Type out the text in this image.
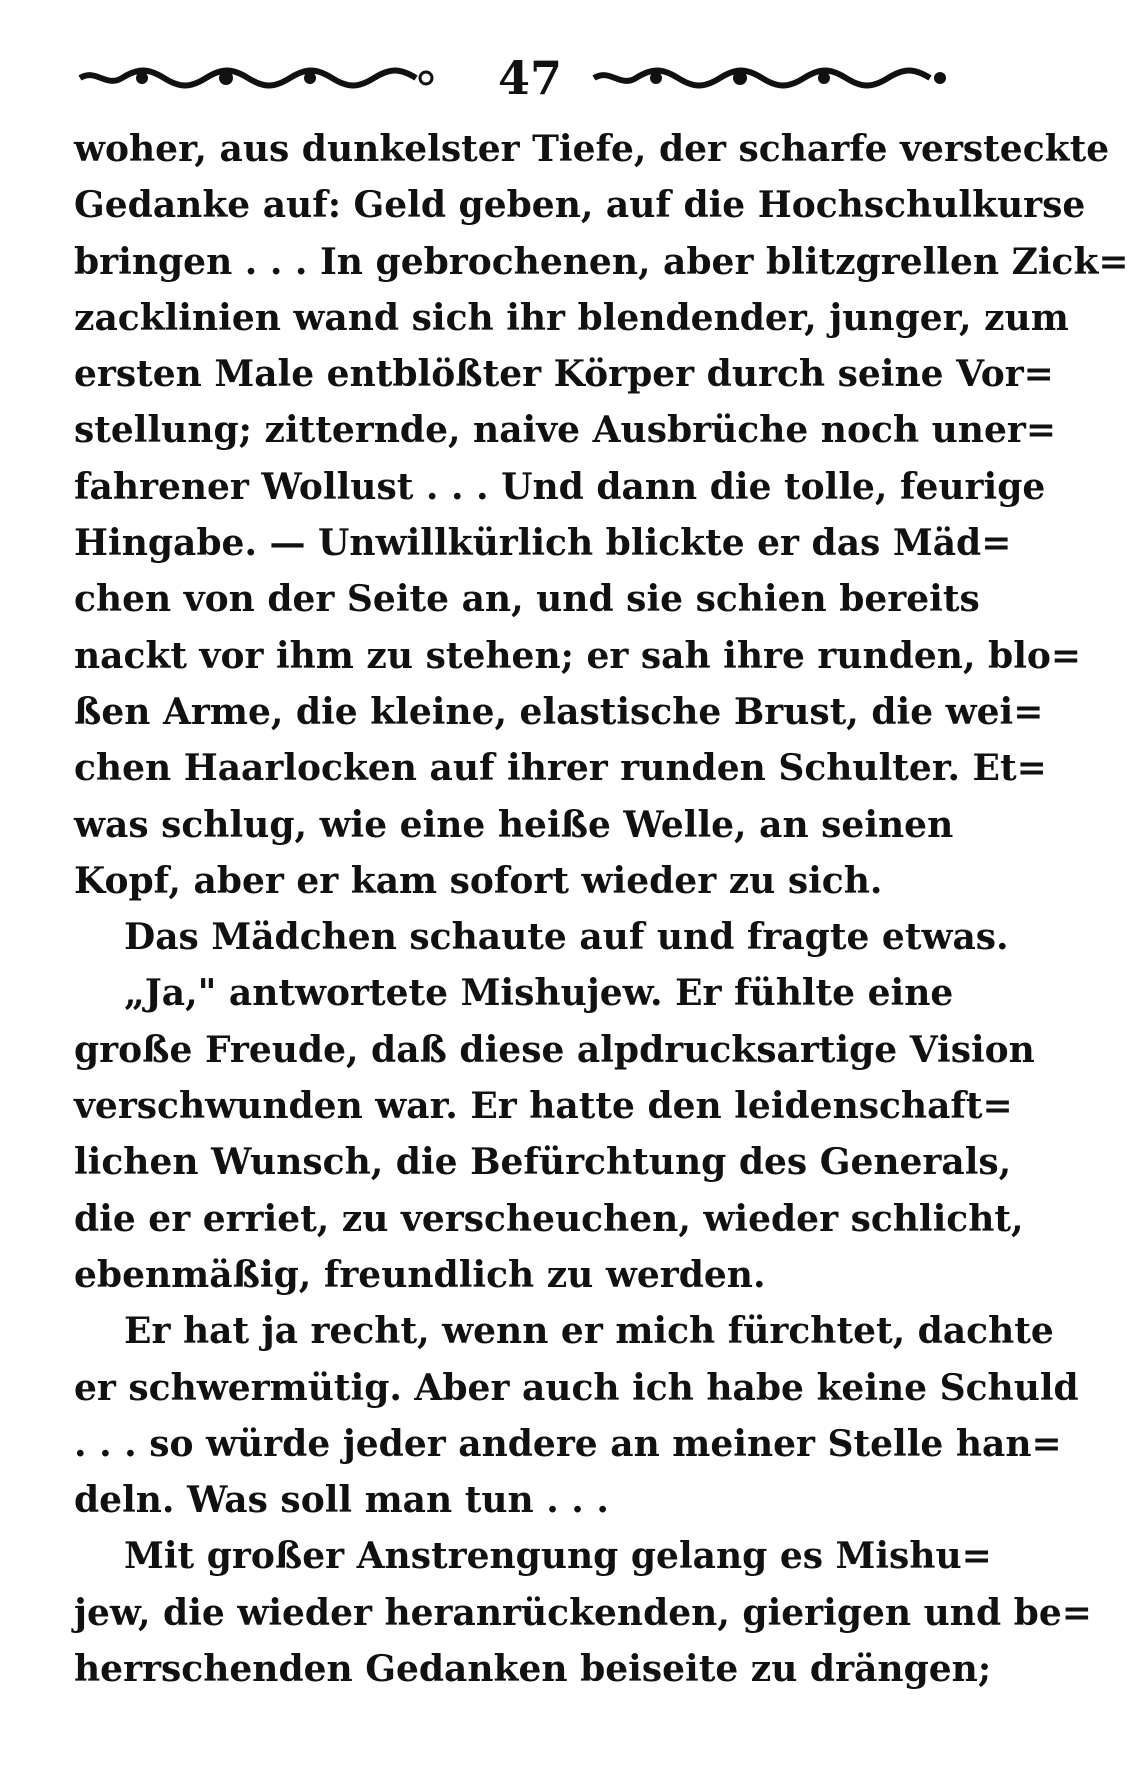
47
woher, aus dunkelster Tiefe, der scharfe versteckte
Gedanke auf: Geld geben, auf die Hochschulkurse
bringen . . . In gebrochenen, aber blitzgrellen Zick=
zacklinien wand sich ihr blendender, junger, zum
ersten Male entblößter Körper durch seine Vor=
stellung; zitternde, naive Ausbrüche noch uner=
fahrener Wollust . . . Und dann die tolle, feurige
Hingabe. — Unwillkürlich blickte er das Mäd=
chen von der Seite an, und sie schien bereits
nackt vor ihm zu stehen; er sah ihre runden, blo=
ßen Arme, die kleine, elastische Brust, die wei=
chen Haarlocken auf ihrer runden Schulter. Et=
was schlug, wie eine heiße Welle, an seinen
Kopf, aber er kam sofort wieder zu sich.
Das Mädchen schaute auf und fragte etwas.
„Ja," antwortete Mishujew. Er fühlte eine
große Freude, daß diese alpdrucksartige Vision
verschwunden war. Er hatte den leidenschaft=
lichen Wunsch, die Befürchtung des Generals,
die er erriet, zu verscheuchen, wieder schlicht,
ebenmäßig, freundlich zu werden.
Er hat ja recht, wenn er mich fürchtet, dachte
er schwermütig. Aber auch ich habe keine Schuld
. . . so würde jeder andere an meiner Stelle han=
deln. Was soll man tun . . .
Mit großer Anstrengung gelang es Mishu=
jew, die wieder heranrückenden, gierigen und be=
herrschenden Gedanken beiseite zu drängen;
